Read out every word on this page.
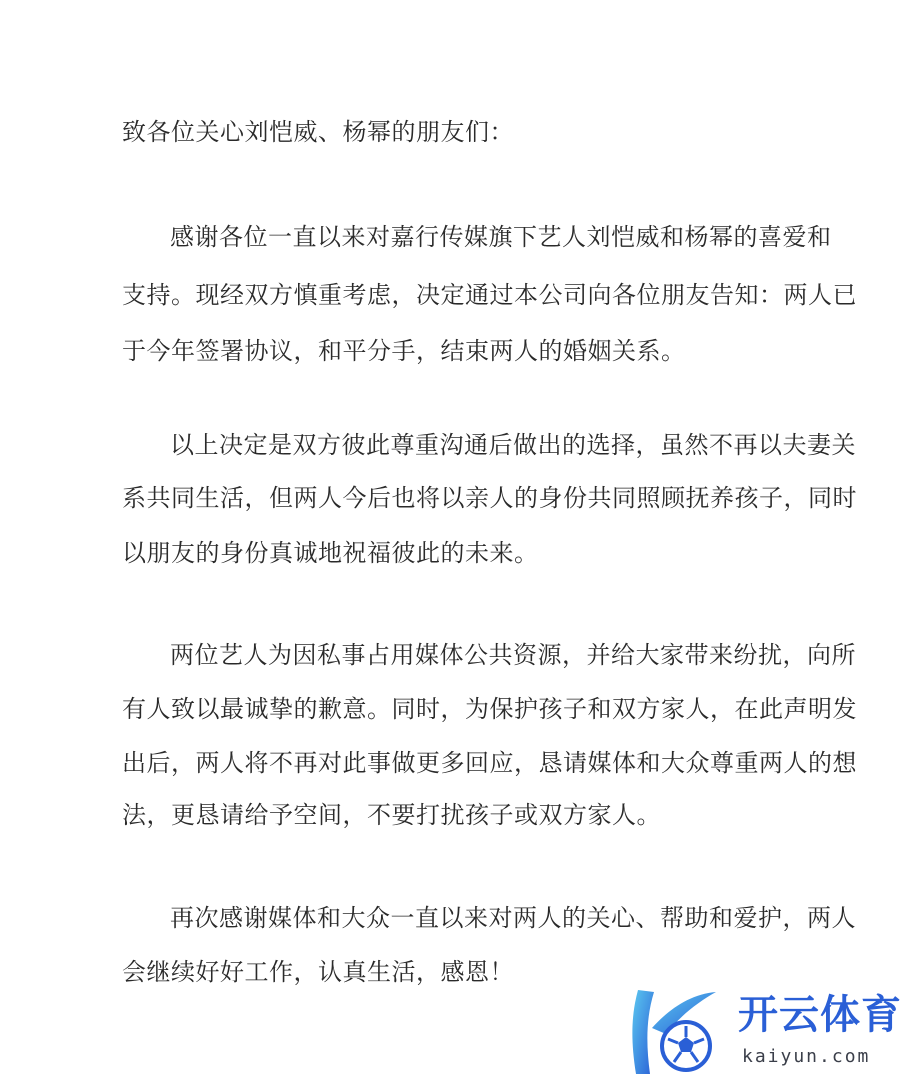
致各位关心刘恺威、杨幂的朋友们：
感谢各位一直以来对嘉行传媒旗下艺人刘恺威和杨幂的喜爱和
支持。现经双方慎重考虑，决定通过本公司向各位朋友告知：两人已
于今年签署协议，和平分手，结束两人的婚姻关系。
以上决定是双方彼此尊重沟通后做出的选择，虽然不再以夫妻关
系共同生活，但两人今后也将以亲人的身份共同照顾抚养孩子，同时
以朋友的身份真诚地祝福彼此的未来。
两位艺人为因私事占用媒体公共资源，并给大家带来纷扰，向所
有人致以最诚挚的歉意。同时，为保护孩子和双方家人，在此声明发
出后，两人将不再对此事做更多回应，恳请媒体和大众尊重两人的想
法，更恳请给予空间，不要打扰孩子或双方家人。
再次感谢媒体和大众一直以来对两人的关心、帮助和爱护，两人
会继续好好工作，认真生活，感恩！
开云体育
kaiyun.com
